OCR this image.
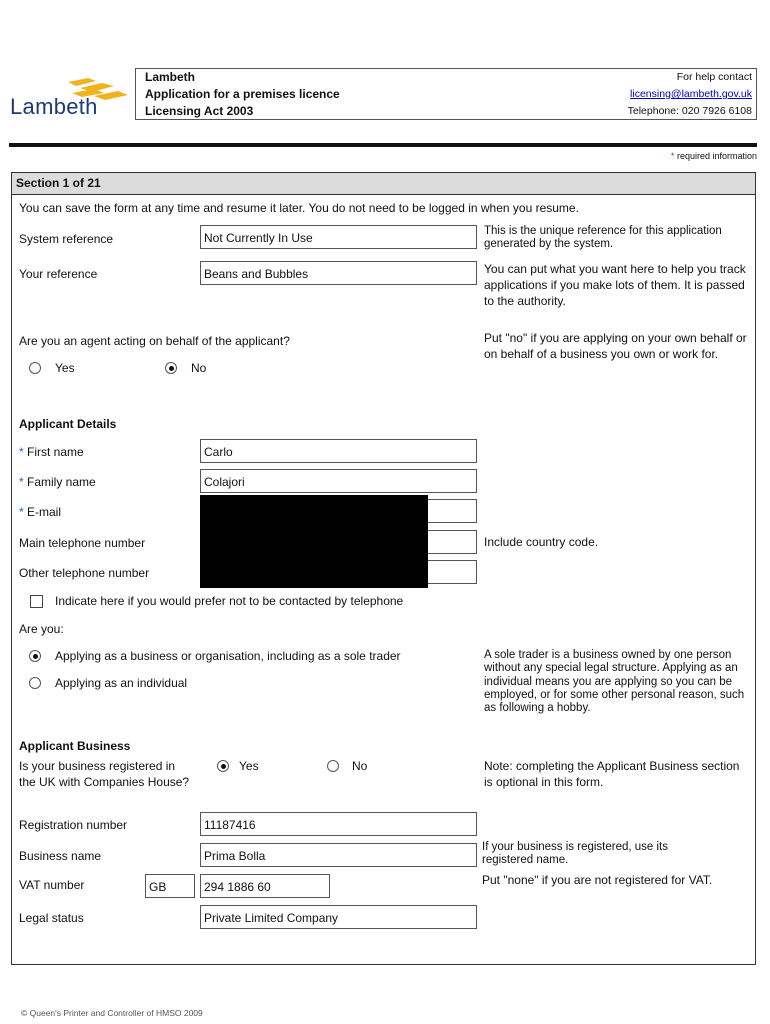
Lambeth
Lambeth
Application for a premises licence
Licensing Act 2003
For help contact
licensing@lambeth.gov.uk
Telephone: 020 7926 6108
* required information
Section 1 of 21
You can save the form at any time and resume it later. You do not need to be logged in when you resume.
System reference	Not Currently In Use	This is the unique reference for this application generated by the system.
Your reference	Beans and Bubbles	You can put what you want here to help you track applications if you make lots of them. It is passed to the authority.
Are you an agent acting on behalf of the applicant?
Yes	No
Put "no" if you are applying on your own behalf or on behalf of a business you own or work for.
Applicant Details
* First name	Carlo
* Family name	Colajori
* E-mail
Main telephone number	Include country code.
Other telephone number
Indicate here if you would prefer not to be contacted by telephone
Are you:
Applying as a business or organisation, including as a sole trader
Applying as an individual
A sole trader is a business owned by one person without any special legal structure. Applying as an individual means you are applying so you can be employed, or for some other personal reason, such as following a hobby.
Applicant Business
Is your business registered in the UK with Companies House?
Yes	No	Note: completing the Applicant Business section is optional in this form.
Registration number	11187416
Business name	Prima Bolla
If your business is registered, use its registered name.
VAT number	GB	294 1886 60	Put "none" if you are not registered for VAT.
Legal status	Private Limited Company
© Queen's Printer and Controller of HMSO 2009
